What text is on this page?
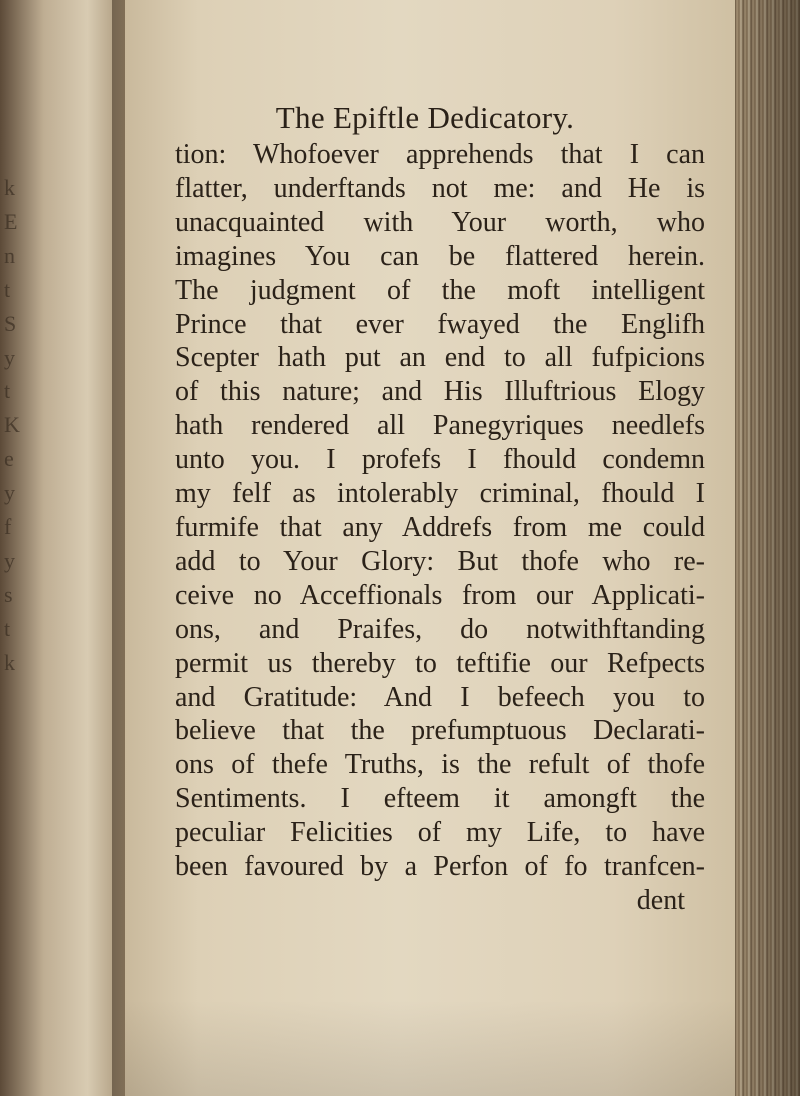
k
E
n
t
S
y
t
K
e
y
f
y
s
t
k
The Epiftle Dedicatory.
tion: Whofoever apprehends that I can
flatter, underftands not me: and He is
unacquainted with Your worth, who
imagines You can be flattered herein.
The judgment of the moft intelligent
Prince that ever fwayed the Englifh
Scepter hath put an end to all fufpicions
of this nature; and His Illuftrious Elogy
hath rendered all Panegyriques needlefs
unto you. I profefs I fhould condemn
my felf as intolerably criminal, fhould I
furmife that any Addrefs from me could
add to Your Glory: But thofe who re-
ceive no Acceffionals from our Applicati-
ons, and Praifes, do notwithftanding
permit us thereby to teftifie our Refpects
and Gratitude: And I befeech you to
believe that the prefumptuous Declarati-
ons of thefe Truths, is the refult of thofe
Sentiments. I efteem it amongft the
peculiar Felicities of my Life, to have
been favoured by a Perfon of fo tranfcen-
dent
